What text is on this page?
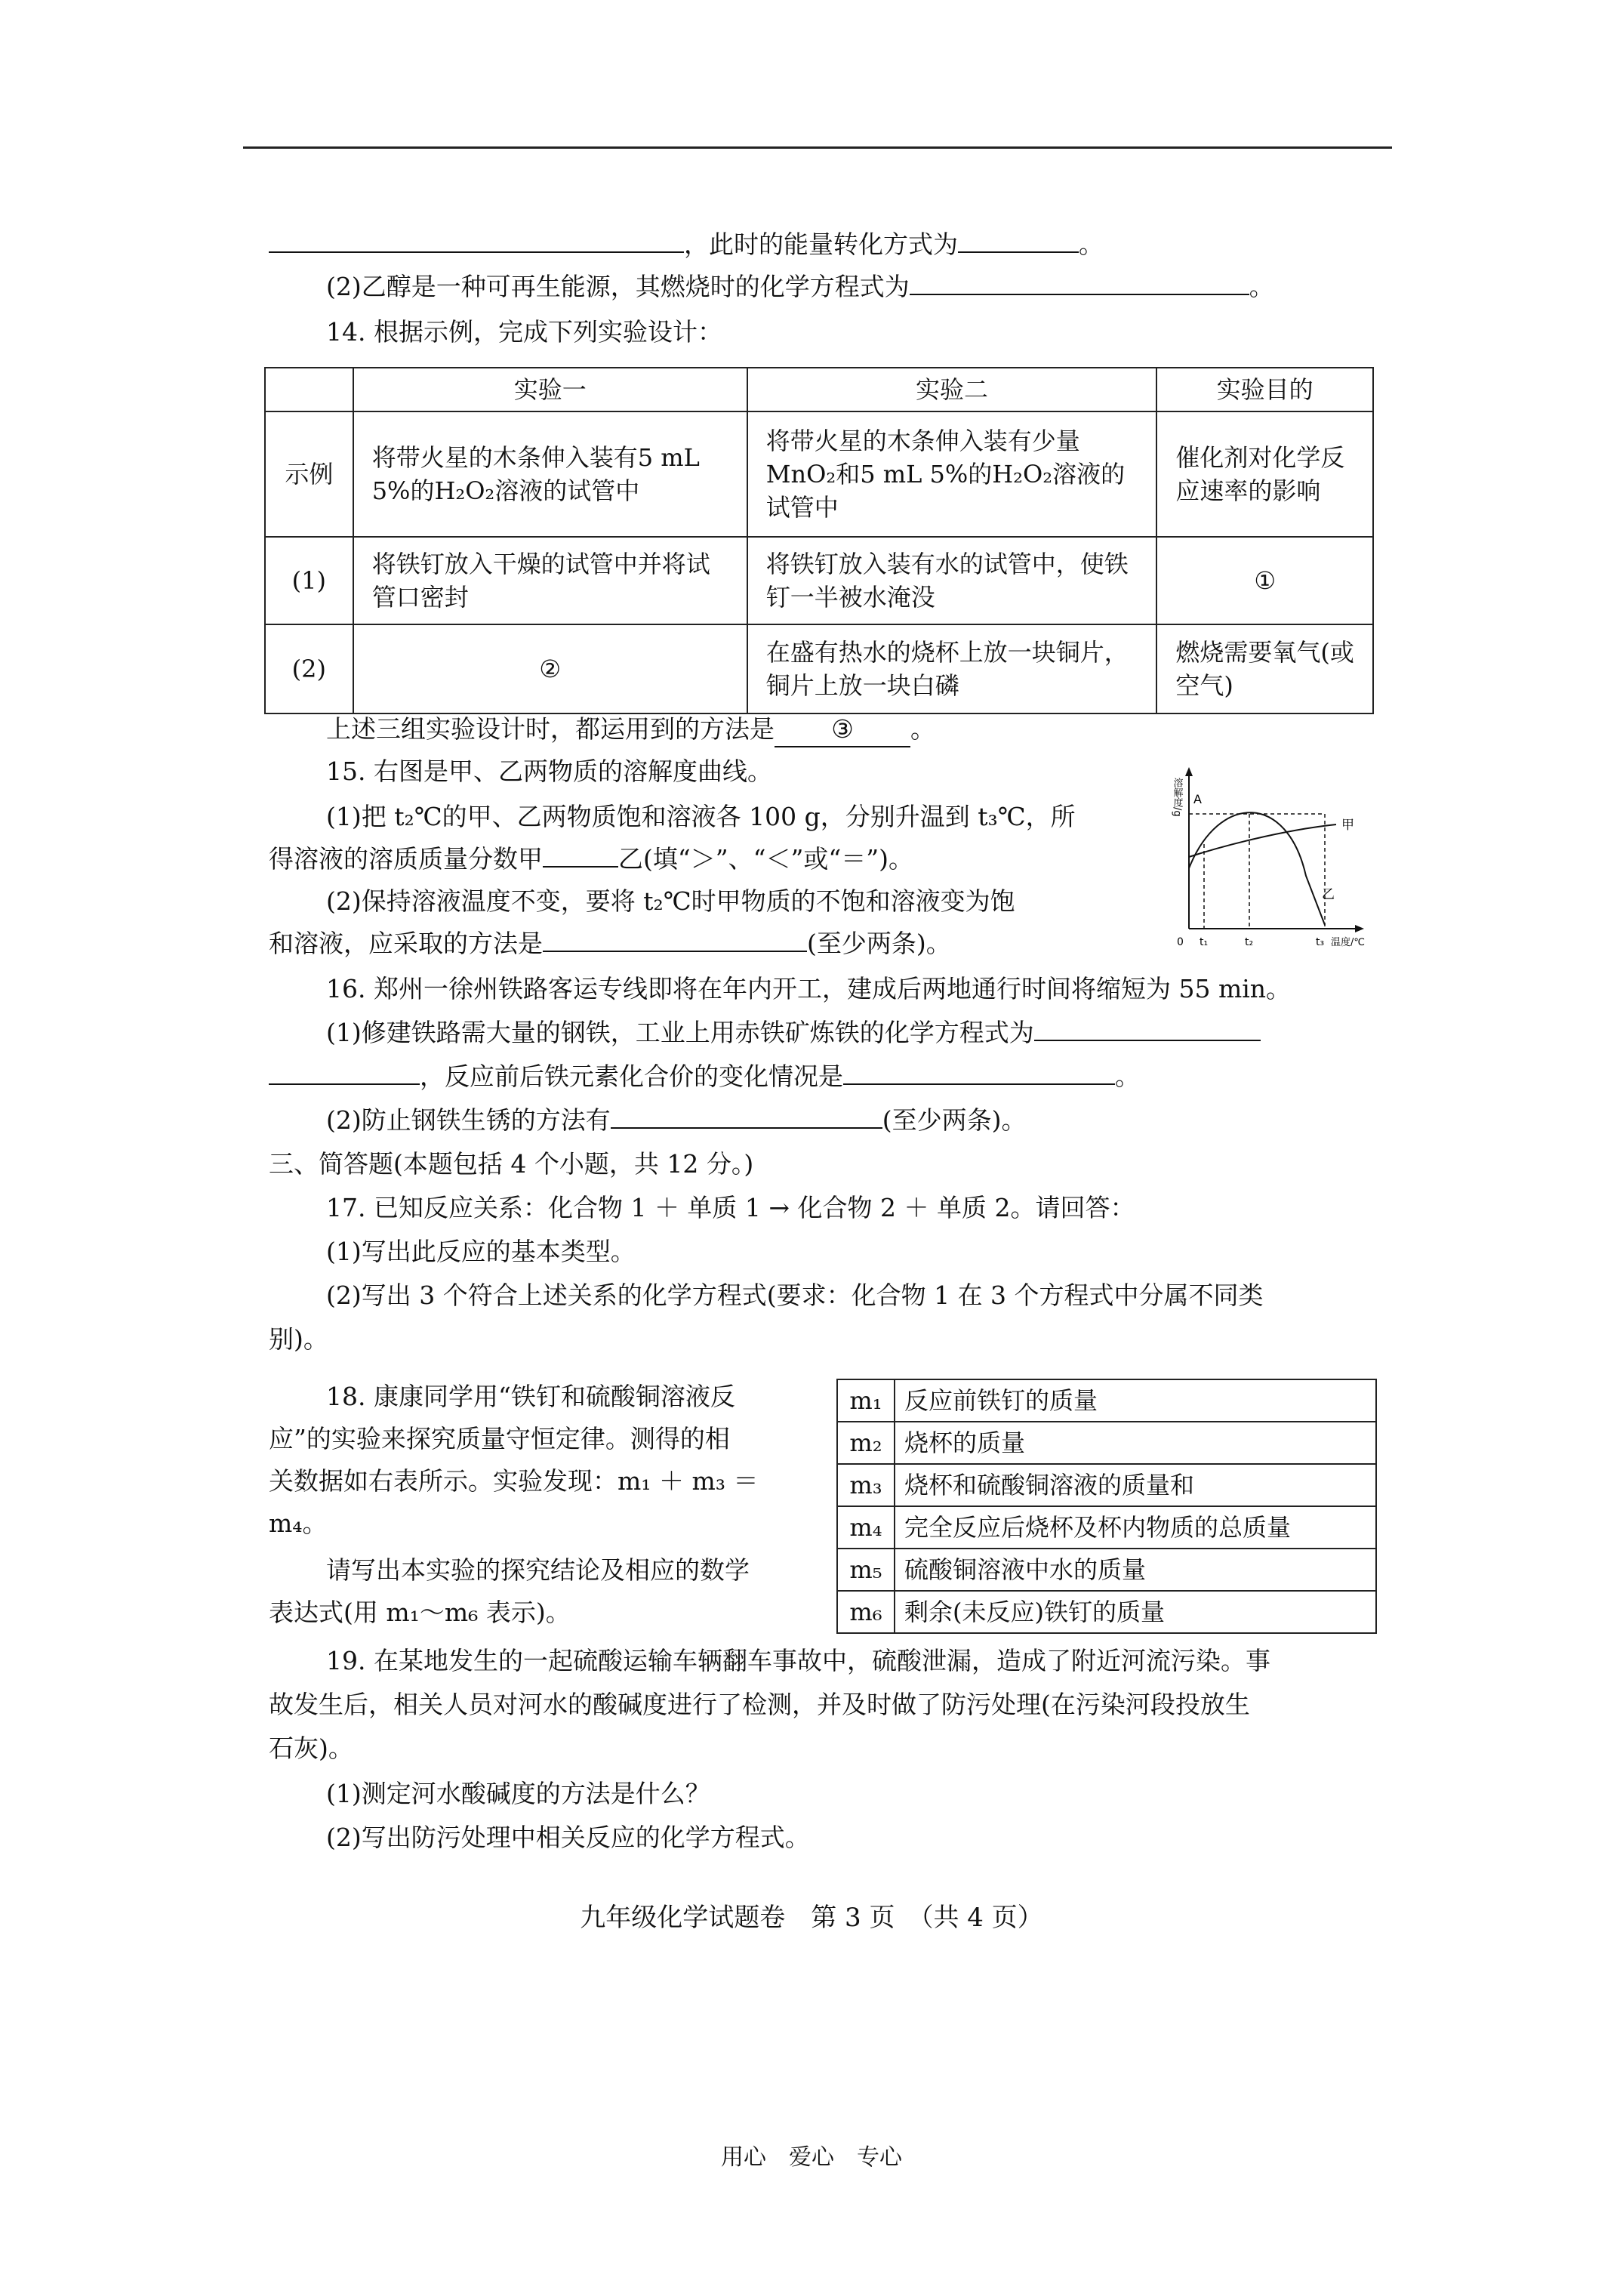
，此时的能量转化方式为	。
(2)乙醇是一种可再生能源，其燃烧时的化学方程式为	。
14. 根据示例，完成下列实验设计：
	实验一	实验二	实验目的
示例	将带火星的木条伸入装有5 mL 5%的H₂O₂溶液的试管中	将带火星的木条伸入装有少量MnO₂和5 mL 5%的H₂O₂溶液的试管中	催化剂对化学反应速率的影响
(1)	将铁钉放入干燥的试管中并将试管口密封	将铁钉放入装有水的试管中，使铁钉一半被水淹没	①
(2)	②	在盛有热水的烧杯上放一块铜片，铜片上放一块白磷	燃烧需要氧气(或空气)
上述三组实验设计时，都运用到的方法是 ③ 。
15. 右图是甲、乙两物质的溶解度曲线。
(1)把 t₂℃的甲、乙两物质饱和溶液各 100 g，分别升温到 t₃℃，所
得溶液的溶质质量分数甲	乙(填“＞”、“＜”或“＝”)。
(2)保持溶液温度不变，要将 t₂℃时甲物质的不饱和溶液变为饱
和溶液，应采取的方法是	(至少两条)。
溶解度/g A
甲
乙
0 t₁	t₂	t₃ 温度/℃
16. 郑州一徐州铁路客运专线即将在年内开工，建成后两地通行时间将缩短为 55 min。
(1)修建铁路需大量的钢铁，工业上用赤铁矿炼铁的化学方程式为
，反应前后铁元素化合价的变化情况是	。
(2)防止钢铁生锈的方法有	(至少两条)。
三、简答题(本题包括 4 个小题，共 12 分。)
17. 已知反应关系：化合物 1 ＋ 单质 1 → 化合物 2 ＋ 单质 2。请回答：
(1)写出此反应的基本类型。
(2)写出 3 个符合上述关系的化学方程式(要求：化合物 1 在 3 个方程式中分属不同类
别)。
18. 康康同学用“铁钉和硫酸铜溶液反
应”的实验来探究质量守恒定律。测得的相
关数据如右表所示。实验发现：m₁ ＋ m₃ ＝
m₄。
请写出本实验的探究结论及相应的数学
表达式(用 m₁～m₆ 表示)。
m₁	反应前铁钉的质量
m₂	烧杯的质量
m₃	烧杯和硫酸铜溶液的质量和
m₄	完全反应后烧杯及杯内物质的总质量
m₅	硫酸铜溶液中水的质量
m₆	剩余(未反应)铁钉的质量
19. 在某地发生的一起硫酸运输车辆翻车事故中，硫酸泄漏，造成了附近河流污染。事
故发生后，相关人员对河水的酸碱度进行了检测，并及时做了防污处理(在污染河段投放生
石灰)。
(1)测定河水酸碱度的方法是什么？
(2)写出防污处理中相关反应的化学方程式。
九年级化学试题卷　第 3 页　（共 4 页）
用心　爱心　专心
